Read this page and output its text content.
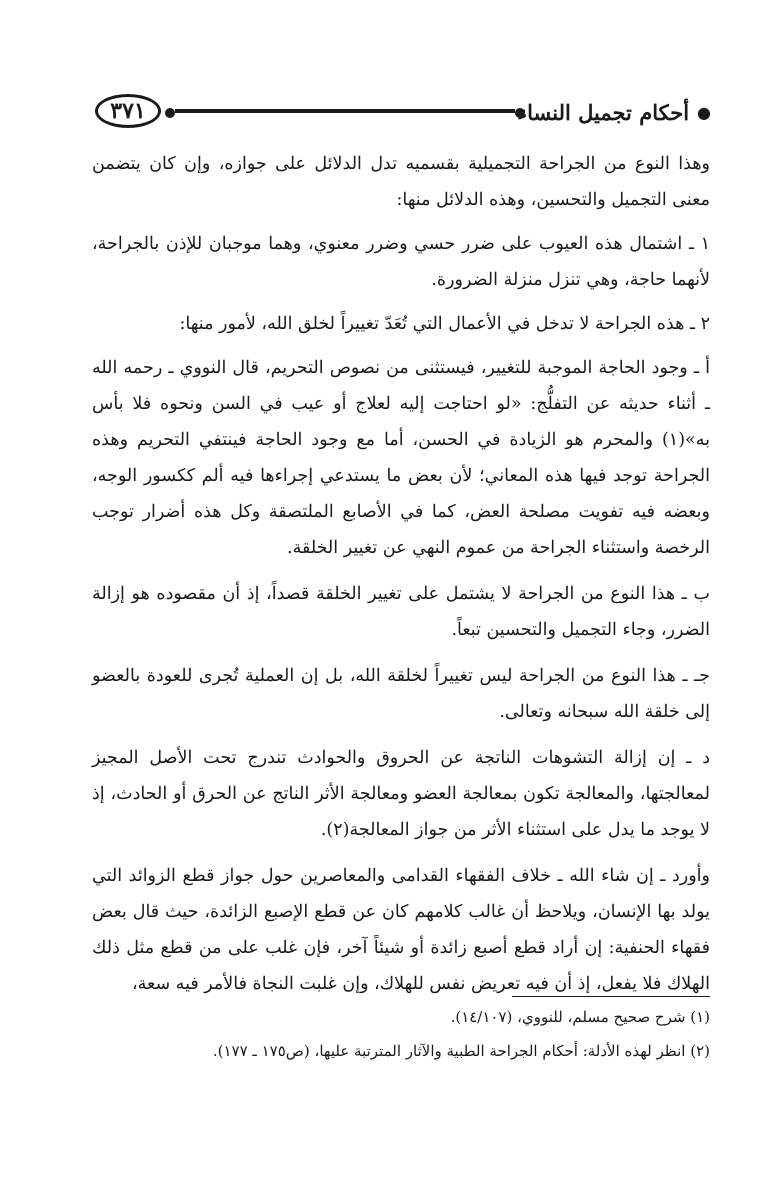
٣٧١	●
أحكام تجميل النساء

وهذا النوع من الجراحة التجميلية بقسميه تدل الدلائل على جوازه، وإن كان يتضمن معنى التجميل والتحسين، وهذه الدلائل منها:

١ ـ اشتمال هذه العيوب على ضرر حسي وضرر معنوي، وهما موجبان للإذن بالجراحة، لأنهما حاجة، وهي تنزل منزلة الضرورة.

٢ ـ هذه الجراحة لا تدخل في الأعمال التي تُعَدّ تغييراً لخلق الله، لأمور منها:

أ ـ وجود الحاجة الموجبة للتغيير، فيستثنى من نصوص التحريم، قال النووي ـ رحمه الله ـ أثناء حديثه عن التفلُّج: «لو احتاجت إليه لعلاج أو عيب في السن ونحوه فلا بأس به»(١) والمحرم هو الزيادة في الحسن، أما مع وجود الحاجة فينتفي التحريم وهذه الجراحة توجد فيها هذه المعاني؛ لأن بعض ما يستدعي إجراءها فيه ألم ككسور الوجه، وبعضه فيه تفويت مصلحة العض، كما في الأصابع الملتصقة وكل هذه أضرار توجب الرخصة واستثناء الجراحة من عموم النهي عن تغيير الخلقة.

ب ـ هذا النوع من الجراحة لا يشتمل على تغيير الخلقة قصداً، إذ أن مقصوده هو إزالة الضرر، وجاء التجميل والتحسين تبعاً.

جـ ـ هذا النوع من الجراحة ليس تغييراً لخلقة الله، بل إن العملية تُجرى للعودة بالعضو إلى خلقة الله سبحانه وتعالى.

د ـ إن إزالة التشوهات الناتجة عن الحروق والحوادث تندرج تحت الأصل المجيز لمعالجتها، والمعالجة تكون بمعالجة العضو ومعالجة الأثر الناتج عن الحرق أو الحادث، إذ لا يوجد ما يدل على استثناء الأثر من جواز المعالجة(٢).

وأورد ـ إن شاء الله ـ خلاف الفقهاء القدامى والمعاصرين حول جواز قطع الزوائد التي يولد بها الإنسان، ويلاحظ أن غالب كلامهم كان عن قطع الإصبع الزائدة، حيث قال بعض فقهاء الحنفية: إن أراد قطع أصبع زائدة أو شيئاً آخر، فإن غلب على من قطع مثل ذلك الهلاك فلا يفعل، إذ أن فيه تعريض نفس للهلاك، وإن غلبت النجاة فالأمر فيه سعة،

(١) شرح صحيح مسلم، للنووي، (١٤/١٠٧).
(٢) انظر لهذه الأدلة: أحكام الجراحة الطبية والآثار المترتبة عليها، (ص١٧٥ ـ ١٧٧).
